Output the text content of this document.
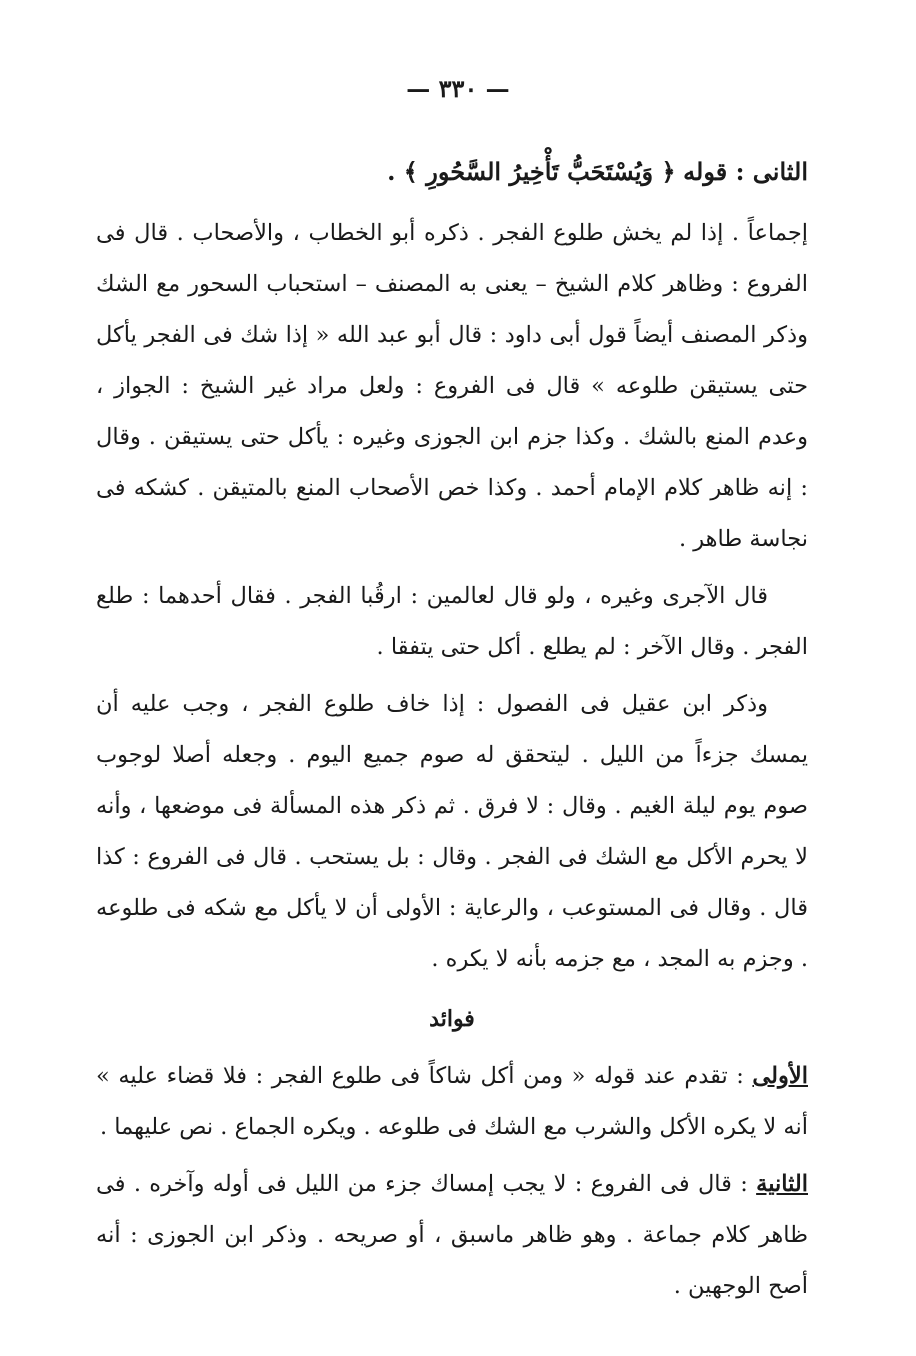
— ٣٣٠ —

الثانى : قوله ﴿ وَيُسْتَحَبُّ تَأْخِيرُ السَّحُورِ ﴾ .

إجماعاً . إذا لم يخش طلوع الفجر . ذكره أبو الخطاب ، والأصحاب . قال فى الفروع : وظاهر كلام الشيخ – يعنى به المصنف – استحباب السحور مع الشك وذكر المصنف أيضاً قول أبى داود : قال أبو عبد الله « إذا شك فى الفجر يأكل حتى يستيقن طلوعه » قال فى الفروع : ولعل مراد غير الشيخ : الجواز ، وعدم المنع بالشك . وكذا جزم ابن الجوزى وغيره : يأكل حتى يستيقن . وقال : إنه ظاهر كلام الإمام أحمد . وكذا خص الأصحاب المنع بالمتيقن . كشكه فى نجاسة طاهر .

قال الآجرى وغيره ، ولو قال لعالمين : ارقُبا الفجر . فقال أحدهما : طلع الفجر . وقال الآخر : لم يطلع . أكل حتى يتفقا .

وذكر ابن عقيل فى الفصول : إذا خاف طلوع الفجر ، وجب عليه أن يمسك جزءاً من الليل . ليتحقق له صوم جميع اليوم . وجعله أصلا لوجوب صوم يوم ليلة الغيم . وقال : لا فرق . ثم ذكر هذه المسألة فى موضعها ، وأنه لا يحرم الأكل مع الشك فى الفجر . وقال : بل يستحب . قال فى الفروع : كذا قال . وقال فى المستوعب ، والرعاية : الأولى أن لا يأكل مع شكه فى طلوعه . وجزم به المجد ، مع جزمه بأنه لا يكره .

فوائد

الأولى : تقدم عند قوله « ومن أكل شاكاً فى طلوع الفجر : فلا قضاء عليه » أنه لا يكره الأكل والشرب مع الشك فى طلوعه . ويكره الجماع . نص عليهما .

الثانية : قال فى الفروع : لا يجب إمساك جزء من الليل فى أوله وآخره . فى ظاهر كلام جماعة . وهو ظاهر ماسبق ، أو صريحه . وذكر ابن الجوزى : أنه أصح الوجهين .
